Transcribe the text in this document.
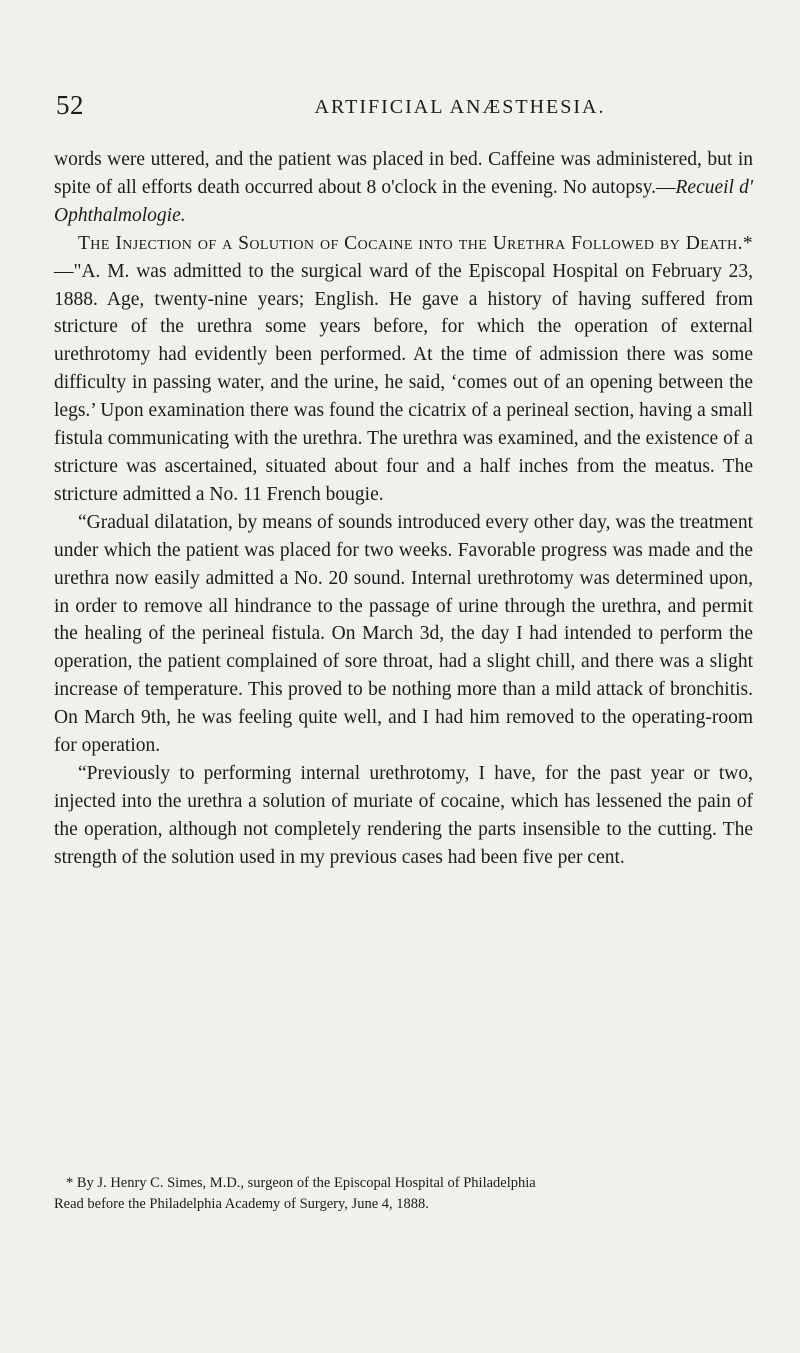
52	ARTIFICIAL ANÆSTHESIA.

words were uttered, and the patient was placed in bed. Caffeine was administered, but in spite of all efforts death occurred about 8 o'clock in the evening. No autopsy.—Recueil d' Ophthalmologie.

The Injection of a Solution of Cocaine into the Urethra Followed by Death.*—"A. M. was admitted to the surgical ward of the Episcopal Hospital on February 23, 1888. Age, twenty-nine years; English. He gave a history of having suffered from stricture of the urethra some years before, for which the operation of external urethrotomy had evidently been performed. At the time of admission there was some difficulty in passing water, and the urine, he said, ‘comes out of an opening between the legs.’ Upon examination there was found the cicatrix of a perineal section, having a small fistula communicating with the urethra. The urethra was examined, and the existence of a stricture was ascertained, situated about four and a half inches from the meatus. The stricture admitted a No. 11 French bougie.

“Gradual dilatation, by means of sounds introduced every other day, was the treatment under which the patient was placed for two weeks. Favorable progress was made and the urethra now easily admitted a No. 20 sound. Internal urethrotomy was determined upon, in order to remove all hindrance to the passage of urine through the urethra, and permit the healing of the perineal fistula. On March 3d, the day I had intended to perform the operation, the patient complained of sore throat, had a slight chill, and there was a slight increase of temperature. This proved to be nothing more than a mild attack of bronchitis. On March 9th, he was feeling quite well, and I had him removed to the operating-room for operation.

“Previously to performing internal urethrotomy, I have, for the past year or two, injected into the urethra a solution of muriate of cocaine, which has lessened the pain of the operation, although not completely rendering the parts insensible to the cutting. The strength of the solution used in my previous cases had been five per cent.

* By J. Henry C. Simes, M.D., surgeon of the Episcopal Hospital of Philadelphia

Read before the Philadelphia Academy of Surgery, June 4, 1888.
